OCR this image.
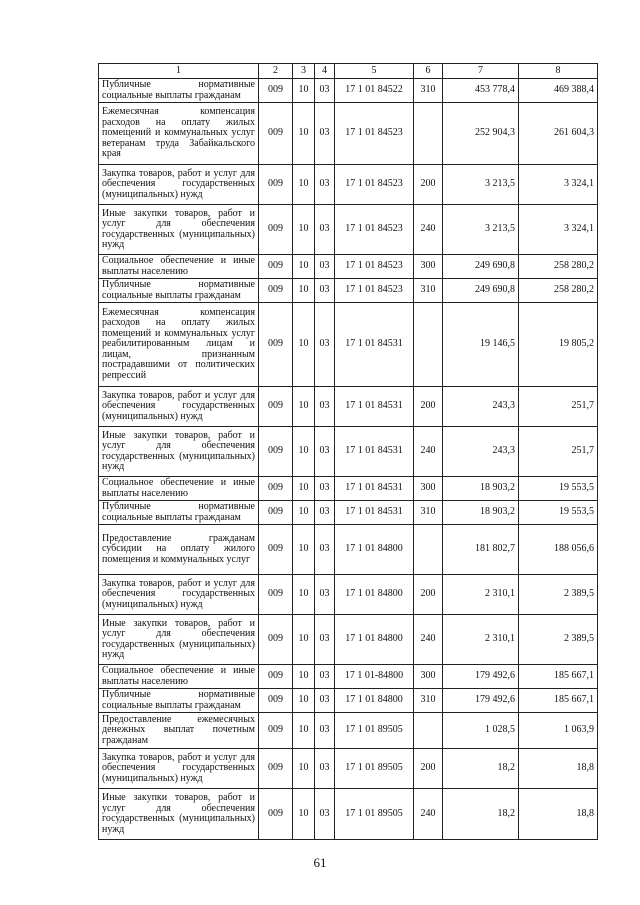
1	2	3	4	5	6	7	8
Публичные нормативные социальные выплаты гражданам	009	10	03	17 1 01 84522	310	453 778,4	469 388,4
Ежемесячная компенсация расходов на оплату жилых помещений и коммунальных услуг ветеранам труда Забайкальского края	009	10	03	17 1 01 84523		252 904,3	261 604,3
Закупка товаров, работ и услуг для обеспечения государственных (муниципальных) нужд	009	10	03	17 1 01 84523	200	3 213,5	3 324,1
Иные закупки товаров, работ и услуг для обеспечения государственных (муниципальных) нужд	009	10	03	17 1 01 84523	240	3 213,5	3 324,1
Социальное обеспечение и иные выплаты населению	009	10	03	17 1 01 84523	300	249 690,8	258 280,2
Публичные нормативные социальные выплаты гражданам	009	10	03	17 1 01 84523	310	249 690,8	258 280,2
Ежемесячная компенсация расходов на оплату жилых помещений и коммунальных услуг реабилитированным лицам и лицам, признанным пострадавшими от политических репрессий	009	10	03	17 1 01 84531		19 146,5	19 805,2
Закупка товаров, работ и услуг для обеспечения государственных (муниципальных) нужд	009	10	03	17 1 01 84531	200	243,3	251,7
Иные закупки товаров, работ и услуг для обеспечения государственных (муниципальных) нужд	009	10	03	17 1 01 84531	240	243,3	251,7
Социальное обеспечение и иные выплаты населению	009	10	03	17 1 01 84531	300	18 903,2	19 553,5
Публичные нормативные социальные выплаты гражданам	009	10	03	17 1 01 84531	310	18 903,2	19 553,5
Предоставление гражданам субсидии на оплату жилого помещения и коммунальных услуг	009	10	03	17 1 01 84800		181 802,7	188 056,6
Закупка товаров, работ и услуг для обеспечения государственных (муниципальных) нужд	009	10	03	17 1 01 84800	200	2 310,1	2 389,5
Иные закупки товаров, работ и услуг для обеспечения государственных (муниципальных) нужд	009	10	03	17 1 01 84800	240	2 310,1	2 389,5
Социальное обеспечение и иные выплаты населению	009	10	03	17 1 01-84800	300	179 492,6	185 667,1
Публичные нормативные социальные выплаты гражданам	009	10	03	17 1 01 84800	310	179 492,6	185 667,1
Предоставление ежемесячных денежных выплат почетным гражданам	009	10	03	17 1 01 89505		1 028,5	1 063,9
Закупка товаров, работ и услуг для обеспечения государственных (муниципальных) нужд	009	10	03	17 1 01 89505	200	18,2	18,8
Иные закупки товаров, работ и услуг для обеспечения государственных (муниципальных) нужд	009	10	03	17 1 01 89505	240	18,2	18,8
61
